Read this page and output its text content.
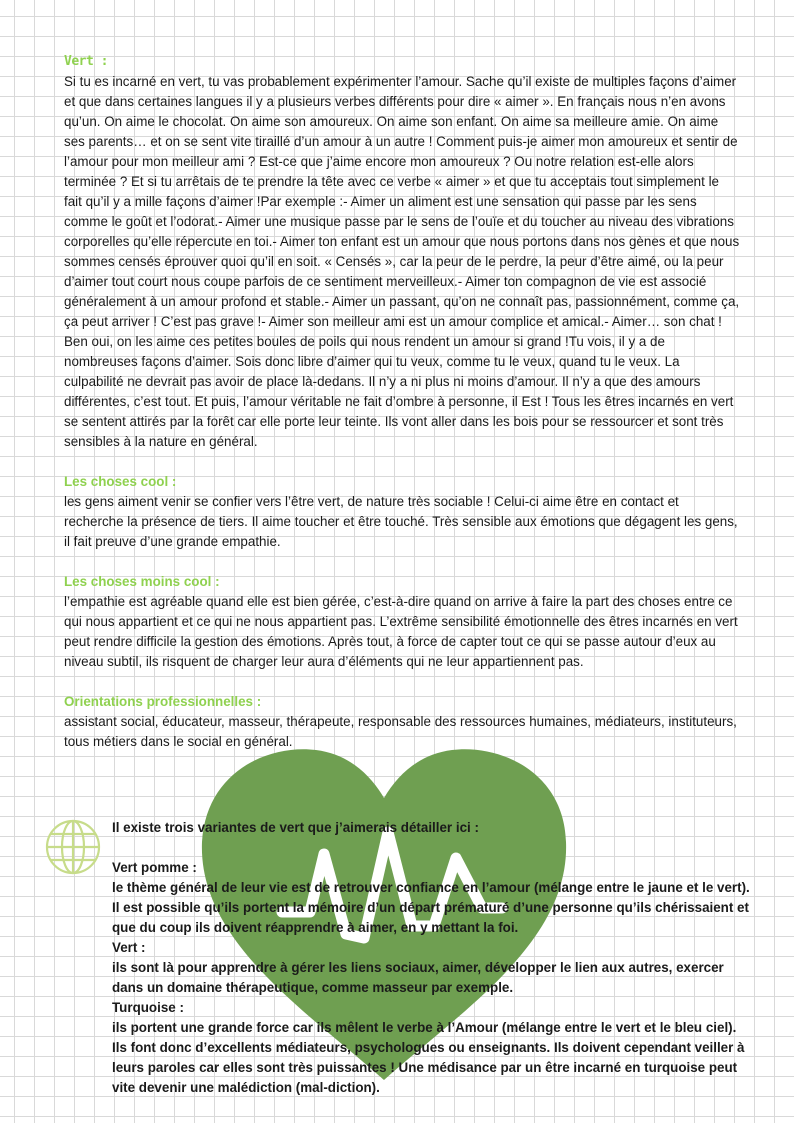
Vert :

Si tu es incarné en vert, tu vas probablement expérimenter l’amour. Sache qu’il existe de multiples façons d’aimer et que dans certaines langues il y a plusieurs verbes différents pour dire « aimer ». En français nous n’en avons qu’un. On aime le chocolat. On aime son amoureux. On aime son enfant. On aime sa meilleure amie. On aime ses parents… et on se sent vite tiraillé d’un amour à un autre ! Comment puis-je aimer mon amoureux et sentir de l’amour pour mon meilleur ami ? Est-ce que j’aime encore mon amoureux ? Ou notre relation est-elle alors terminée ? Et si tu arrêtais de te prendre la tête avec ce verbe « aimer » et que tu acceptais tout simplement le fait qu’il y a mille façons d’aimer !Par exemple :- Aimer un aliment est une sensation qui passe par les sens comme le goût et l’odorat.- Aimer une musique passe par le sens de l’ouïe et du toucher au niveau des vibrations corporelles qu’elle répercute en toi.- Aimer ton enfant est un amour que nous portons dans nos gènes et que nous sommes censés éprouver quoi qu’il en soit. « Censés », car la peur de le perdre, la peur d’être aimé, ou la peur d’aimer tout court nous coupe parfois de ce sentiment merveilleux.- Aimer ton compagnon de vie est associé généralement à un amour profond et stable.- Aimer un passant, qu’on ne connaît pas, passionnément, comme ça, ça peut arriver ! C’est pas grave !- Aimer son meilleur ami est un amour complice et amical.- Aimer… son chat ! Ben oui, on les aime ces petites boules de poils qui nous rendent un amour si grand !Tu vois, il y a de nombreuses façons d’aimer. Sois donc libre d’aimer qui tu veux, comme tu le veux, quand tu le veux. La culpabilité ne devrait pas avoir de place là-dedans. Il n’y a ni plus ni moins d’amour. Il n’y a que des amours différentes, c’est tout. Et puis, l’amour véritable ne fait d’ombre à personne, il Est ! Tous les êtres incarnés en vert se sentent attirés par la forêt car elle porte leur teinte. Ils vont aller dans les bois pour se ressourcer et sont très sensibles à la nature en général.

Les choses cool :

les gens aiment venir se confier vers l’être vert, de nature très sociable ! Celui-ci aime être en contact et recherche la présence de tiers. Il aime toucher et être touché. Très sensible aux émotions que dégagent les gens, il fait preuve d’une grande empathie.

Les choses moins cool :

l’empathie est agréable quand elle est bien gérée, c’est-à-dire quand on arrive à faire la part des choses entre ce qui nous appartient et ce qui ne nous appartient pas. L’extrême sensibilité émotionnelle des êtres incarnés en vert peut rendre difficile la gestion des émotions. Après tout, à force de capter tout ce qui se passe autour d’eux au niveau subtil, ils risquent de charger leur aura d’éléments qui ne leur appartiennent pas.

Orientations professionnelles :

assistant social, éducateur, masseur, thérapeute, responsable des ressources humaines, médiateurs, instituteurs, tous métiers dans le social en général.

Il existe trois variantes de vert que j’aimerais détailler ici :

Vert pomme :

le thème général de leur vie est de retrouver confiance en l’amour (mélange entre le jaune et le vert). Il est possible qu’ils portent la mémoire d’un départ prématuré d’une personne qu’ils chérissaient et que du coup ils doivent réapprendre à aimer, en y mettant la foi.

Vert :

ils sont là pour apprendre à gérer les liens sociaux, aimer, développer le lien aux autres, exercer dans un domaine thérapeutique, comme masseur par exemple.

Turquoise :

ils portent une grande force car ils mêlent le verbe à l’Amour (mélange entre le vert et le bleu ciel). Ils font donc d’excellents médiateurs, psychologues ou enseignants. Ils doivent cependant veiller à leurs paroles car elles sont très puissantes ! Une médisance par un être incarné en turquoise peut vite devenir une malédiction (mal-diction).
